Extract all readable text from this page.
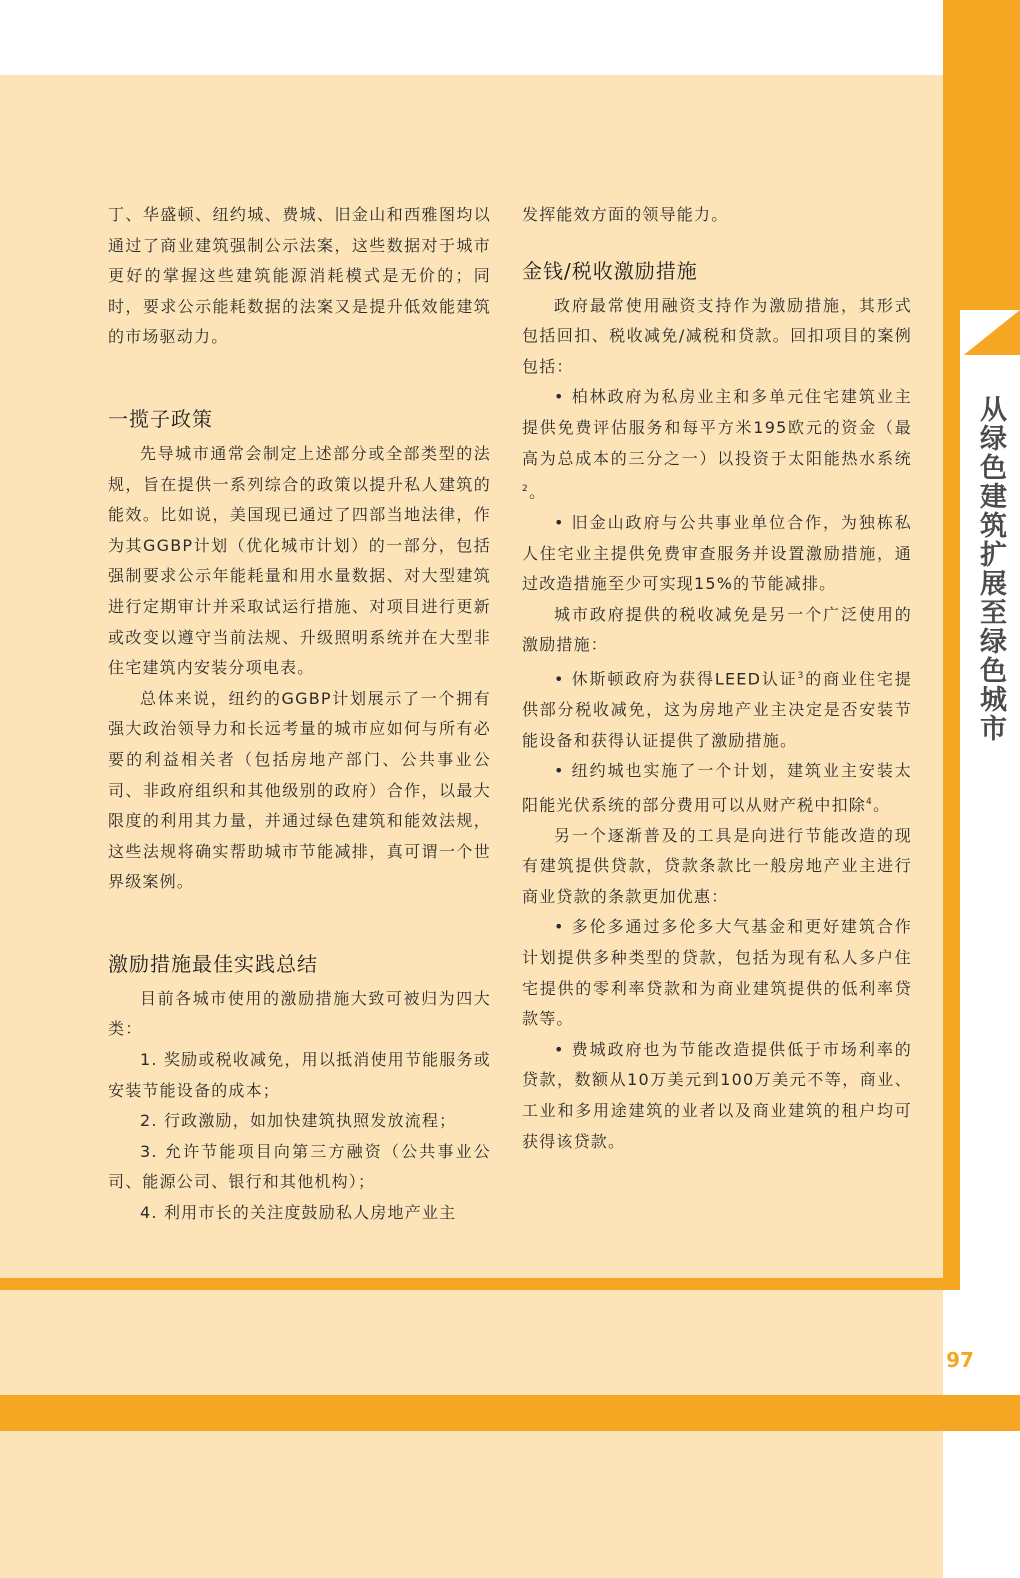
从绿色建筑扩展至绿色城市

丁、华盛顿、纽约城、费城、旧金山和西雅图均以通过了商业建筑强制公示法案，这些数据对于城市更好的掌握这些建筑能源消耗模式是无价的；同时，要求公示能耗数据的法案又是提升低效能建筑的市场驱动力。

一揽子政策

先导城市通常会制定上述部分或全部类型的法规，旨在提供一系列综合的政策以提升私人建筑的能效。比如说，美国现已通过了四部当地法律，作为其GGBP计划（优化城市计划）的一部分，包括强制要求公示年能耗量和用水量数据、对大型建筑进行定期审计并采取试运行措施、对项目进行更新或改变以遵守当前法规、升级照明系统并在大型非住宅建筑内安装分项电表。

总体来说，纽约的GGBP计划展示了一个拥有强大政治领导力和长远考量的城市应如何与所有必要的利益相关者（包括房地产部门、公共事业公司、非政府组织和其他级别的政府）合作，以最大限度的利用其力量，并通过绿色建筑和能效法规，这些法规将确实帮助城市节能减排，真可谓一个世界级案例。

激励措施最佳实践总结

目前各城市使用的激励措施大致可被归为四大类：

1. 奖励或税收减免，用以抵消使用节能服务或安装节能设备的成本；

2. 行政激励，如加快建筑执照发放流程；

3. 允许节能项目向第三方融资（公共事业公司、能源公司、银行和其他机构）；

4. 利用市长的关注度鼓励私人房地产业主

发挥能效方面的领导能力。

金钱/税收激励措施

政府最常使用融资支持作为激励措施，其形式包括回扣、税收减免/减税和贷款。回扣项目的案例包括：

• 柏林政府为私房业主和多单元住宅建筑业主提供免费评估服务和每平方米195欧元的资金（最高为总成本的三分之一）以投资于太阳能热水系统$^2$。

• 旧金山政府与公共事业单位合作，为独栋私人住宅业主提供免费审查服务并设置激励措施，通过改造措施至少可实现15%的节能减排。

城市政府提供的税收减免是另一个广泛使用的激励措施：

• 休斯顿政府为获得LEED认证$^3$的商业住宅提供部分税收减免，这为房地产业主决定是否安装节能设备和获得认证提供了激励措施。

• 纽约城也实施了一个计划，建筑业主安装太阳能光伏系统的部分费用可以从财产税中扣除$^4$。

另一个逐渐普及的工具是向进行节能改造的现有建筑提供贷款，贷款条款比一般房地产业主进行商业贷款的条款更加优惠：

• 多伦多通过多伦多大气基金和更好建筑合作计划提供多种类型的贷款，包括为现有私人多户住宅提供的零利率贷款和为商业建筑提供的低利率贷款等。

• 费城政府也为节能改造提供低于市场利率的贷款，数额从10万美元到100万美元不等，商业、工业和多用途建筑的业者以及商业建筑的租户均可获得该贷款。

97
